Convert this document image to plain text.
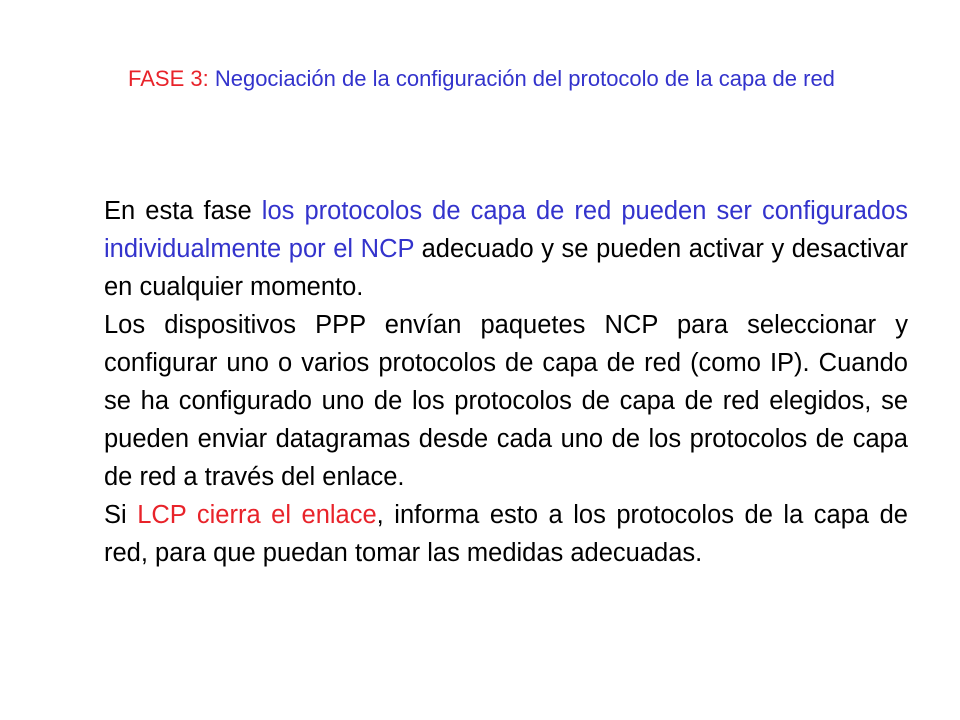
FASE 3: Negociación de la configuración del protocolo de la capa de red

En esta fase los protocolos de capa de red pueden ser configurados individualmente por el NCP adecuado y se pueden activar y desactivar en cualquier momento.

Los dispositivos PPP envían paquetes NCP para seleccionar y configurar uno o varios protocolos de capa de red (como IP). Cuando se ha configurado uno de los protocolos de capa de red elegidos, se pueden enviar datagramas desde cada uno de los protocolos de capa de red a través del enlace.

Si LCP cierra el enlace, informa esto a los protocolos de la capa de red, para que puedan tomar las medidas adecuadas.
